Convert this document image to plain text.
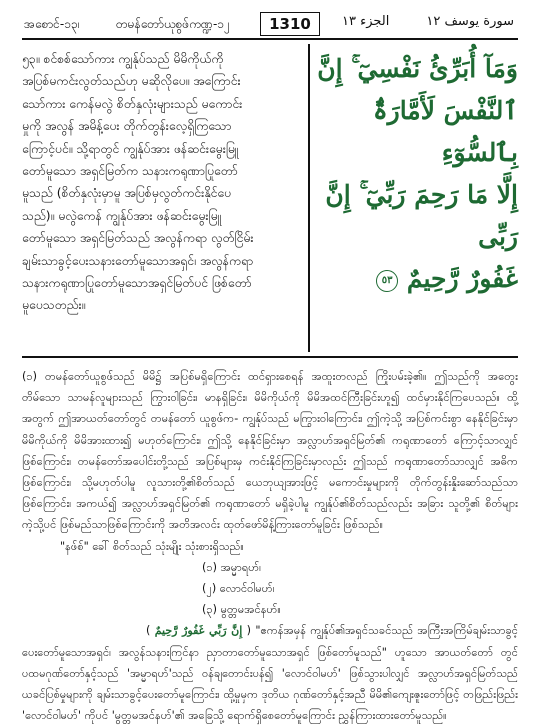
အစောင်-၁၃၊	တမန်တော်ယုစွဖ်ကဏ္ဍ-၁၂	1310	الجزء ١٣	سورة يوسف ١٢
၅၃။ စင်စစ်သော်ကား ကျွန်ုပ်သည် မိမိကိုယ်ကို
အပြစ်မကင်းလွတ်သည်ဟု မဆိုလိုပေ။ အကြောင်း
သော်ကား ကေန်မလွဲ စိတ်နှလုံးများသည် မကောင်း
မှုကို အလွန် အမိန့်ပေး တိုက်တွန်းလေ့ရှိကြသော
ကြောင့်ပင်။ သို့ရာတွင် ကျွန်ုပ်အား ဖန်ဆင်းမွေးမြူ
တော်မူသော အရှင်မြတ်က သနားကရုဏာပြုတော်
မူသည် (စိတ်နှလုံးမှာမူ အပြစ်မှလွတ်ကင်းနိုင်ပေ
သည်)။ မလွဲကေန် ကျွန်ုပ်အား ဖန်ဆင်းမွေးမြူ
တော်မူသော အရှင်မြတ်သည် အလွန်ကရာ လွတ်ငြိမ်း
ချမ်းသာခွင့်ပေးသနားတော်မူသောအရှင်၊ အလွန်ကရာ
သနားကရုဏာပြုတော်မူသောအရှင်မြတ်ပင် ဖြစ်တော်
မူပေသတည်း။
وَمَآ أُبَرِّئُ نَفْسِيٓ ۚ إِنَّ
ٱلنَّفْسَ لَأَمَّارَةٌۢ بِٱلسُّوٓءِ
إِلَّا مَا رَحِمَ رَبِّيٓ ۚ إِنَّ رَبِّى
غَفُورٌ رَّحِيمٌ ٥٣

(၁) တမန်တော်ယူစွဖ်သည် မိမိ၌ အပြစ်မရှိကြောင်း ထင်ရှားစေရန် အထူးတလည် ကြိုးပမ်းခဲ့၏။ ဤသည်ကို အတွေးတိမ်သော သာမန်လူများသည် ကြွားဝါခြင်း၊ မာနရှိခြင်း၊ မိမိကိုယ်ကို မိမိအထင်ကြီးခြင်းဟူ၍ ထင်မှားနိုင်ကြပေသည်။ ထို့အတွက် ဤအာယတ်တော်တွင် တမန်တော် ယူစွဖ်က- ကျွန်ုပ်သည် မကြွားဝါကြောင်း၊ ဤကဲ့သို့ အပြစ်ကင်းစွာ နေနိုင်ခြင်းမှာ မိမိကိုယ်ကို မိမိအားထား၍ မဟုတ်ကြောင်း၊ ဤသို့ နေနိုင်ခြင်းမှာ အလ္လာဟ်အရှင်မြတ်၏ ကရုဏာတော် ကြောင့်သာလျှင်ဖြစ်ကြောင်း၊ တမန်တော်အပေါင်းတို့သည် အပြစ်များမှ ကင်းနိုင်ကြခြင်းမှာလည်း ဤသည် ကရုဏာတော်သာလျှင် အဓိကဖြစ်ကြောင်း၊ သို့မဟုတ်ပါမူ လူသားတို့၏စိတ်သည် ယေဘုယျအားဖြင့် မကောင်းမှုများကို တိုက်တွန်းနှိုးဆော်သည်သာ ဖြစ်ကြောင်း၊ အကယ်၍ အလ္လာဟ်အရှင်မြတ်၏ ကရုဏာတော် မရှိခဲ့ပါမူ ကျွန်ုပ်၏စိတ်သည်လည်း အခြား သူတို့၏ စိတ်များကဲ့သို့ပင် ဖြစ်မည်သာဖြစ်ကြောင်းကို အတိအလင်း ထုတ်ဖော်မိန့်ကြားတော်မူခြင်း ဖြစ်သည်။

"နဖ်စ်" ခေါ် စိတ်သည် သုံးမျိုး သုံးစားရှိသည်။

(၁) အမ္မာရဟ်၊
(၂) လောင်ဝါမဟ်၊
(၃) မွတ္တမအင်နဟ်။

( إِنَّ رَبِّي غَفُورٌ رَّحِيمٌ ) "ဧကန်အမှန် ကျွန်ုပ်၏အရှင်သခင်သည် အကြီးအကြိမ်ချမ်းသာခွင့် ပေးတော်မူသောအရှင်၊ အလွန်သနားကြင်နာ ညှာတာတော်မူသောအရှင် ဖြစ်တော်မူသည်" ဟူသော အာယတ်တော် တွင် ပထမဂုဏ်တော်နှင့်သည် 'အမ္မာရဟ်'သည် ဝန်ချတောင်းပန်၍ 'လောင်ဝါမဟ်' ဖြစ်သွားပါလျှင် အလ္လာဟ်အရှင်မြတ်သည် ယခင်ပြစ်မှုများကို ချမ်းသာခွင့်ပေးတော်မူကြောင်း၊ ထို့မှုမှက ဒုတိယ ဂုဏ်တော်နှင့်အညီ မိမိ၏ကျေးဇူးတော်ဖြင့် တဖြည်းဖြည်း 'လောင်ဝါမဟ်' ကိုပင် 'မွတ္တမအင်နဟ်'၏ အခြေသို့ ရောက်ရှိစေတော်မူကြောင်း ညွှန်ကြားထားတော်မူသည်။
